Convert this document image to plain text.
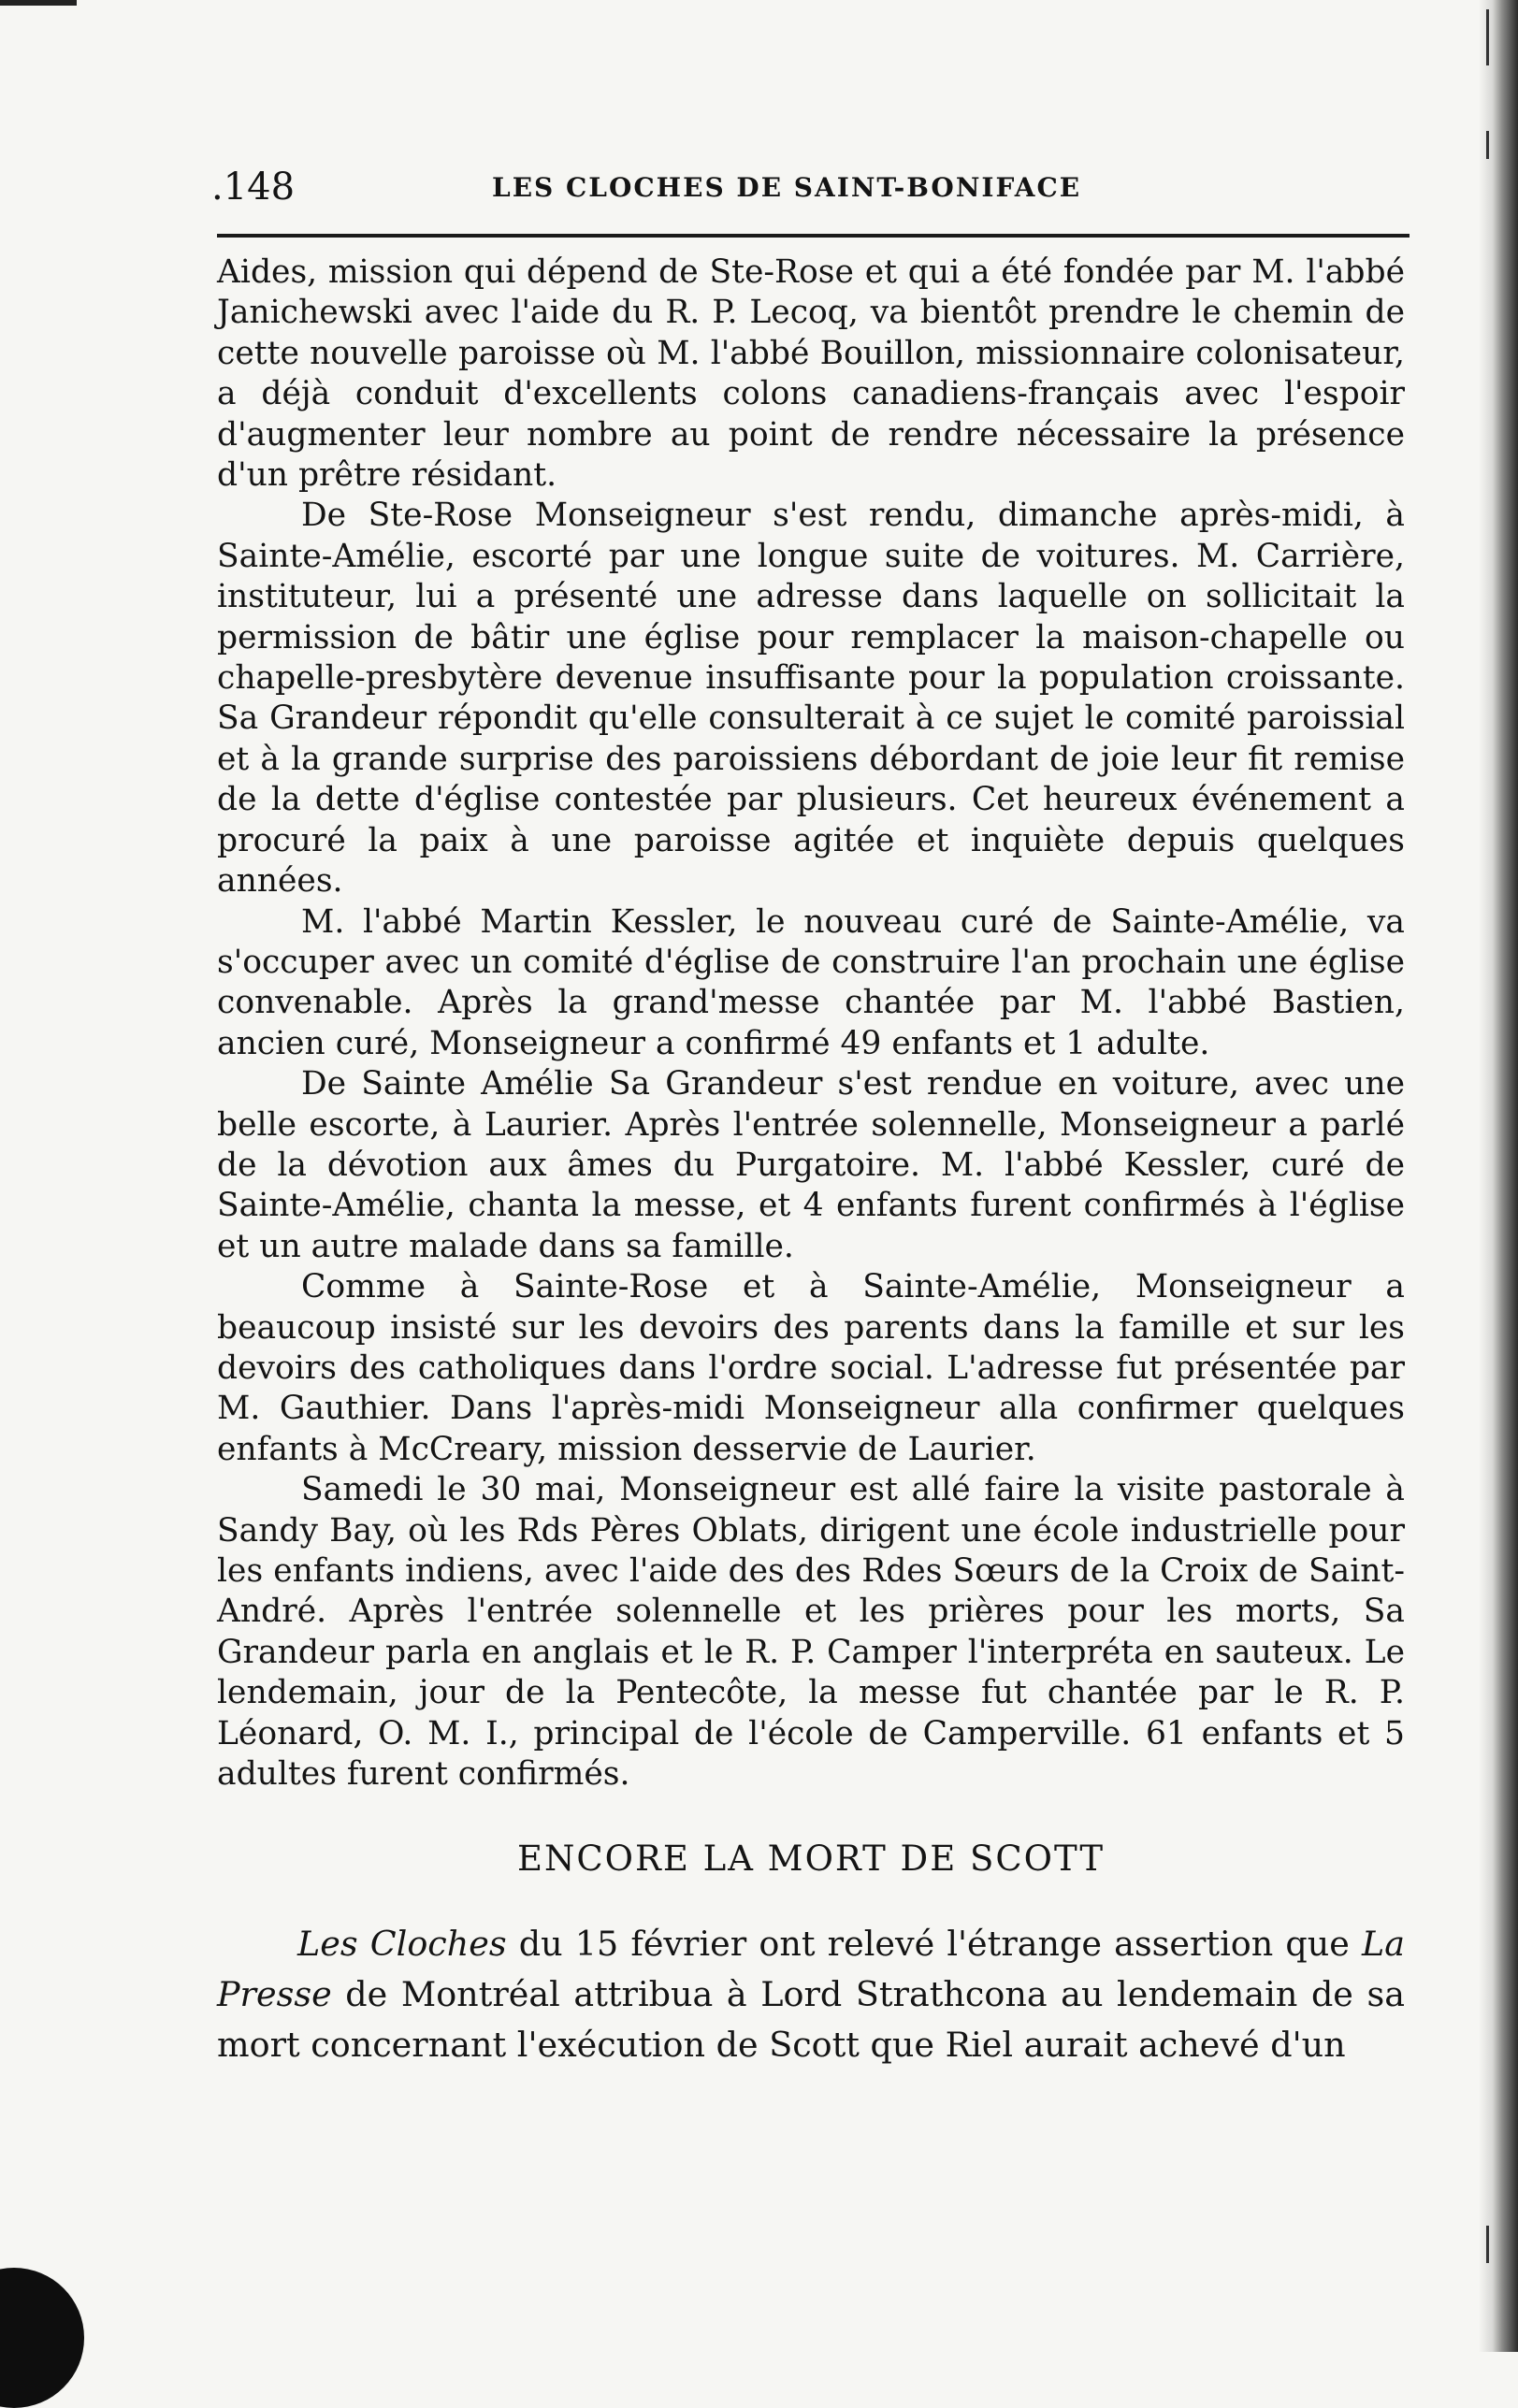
.148	LES CLOCHES DE SAINT-BONIFACE

Aides, mission qui dépend de Ste-Rose et qui a été fondée par M. l'abbé Janichewski avec l'aide du R. P. Lecoq, va bientôt prendre le chemin de cette nouvelle paroisse où M. l'abbé Bouillon, missionnaire colonisateur, a déjà conduit d'excellents colons canadiens-français avec l'espoir d'augmenter leur nombre au point de rendre nécessaire la présence d'un prêtre résidant.

De Ste-Rose Monseigneur s'est rendu, dimanche après-midi, à Sainte-Amélie, escorté par une longue suite de voitures. M. Carrière, instituteur, lui a présenté une adresse dans laquelle on sollicitait la permission de bâtir une église pour remplacer la maison-chapelle ou chapelle-presbytère devenue insuffisante pour la population croissante. Sa Grandeur répondit qu'elle consulterait à ce sujet le comité paroissial et à la grande surprise des paroissiens débordant de joie leur fit remise de la dette d'église contestée par plusieurs. Cet heureux événement a procuré la paix à une paroisse agitée et inquiète depuis quelques années.

M. l'abbé Martin Kessler, le nouveau curé de Sainte-Amélie, va s'occuper avec un comité d'église de construire l'an prochain une église convenable. Après la grand'messe chantée par M. l'abbé Bastien, ancien curé, Monseigneur a confirmé 49 enfants et 1 adulte.

De Sainte Amélie Sa Grandeur s'est rendue en voiture, avec une belle escorte, à Laurier. Après l'entrée solennelle, Monseigneur a parlé de la dévotion aux âmes du Purgatoire. M. l'abbé Kessler, curé de Sainte-Amélie, chanta la messe, et 4 enfants furent confirmés à l'église et un autre malade dans sa famille.

Comme à Sainte-Rose et à Sainte-Amélie, Monseigneur a beaucoup insisté sur les devoirs des parents dans la famille et sur les devoirs des catholiques dans l'ordre social. L'adresse fut présentée par M. Gauthier. Dans l'après-midi Monseigneur alla confirmer quelques enfants à McCreary, mission desservie de Laurier.

Samedi le 30 mai, Monseigneur est allé faire la visite pastorale à Sandy Bay, où les Rds Pères Oblats, dirigent une école industrielle pour les enfants indiens, avec l'aide des des Rdes Sœurs de la Croix de Saint-André. Après l'entrée solennelle et les prières pour les morts, Sa Grandeur parla en anglais et le R. P. Camper l'interpréta en sauteux. Le lendemain, jour de la Pentecôte, la messe fut chantée par le R. P. Léonard, O. M. I., principal de l'école de Camperville. 61 enfants et 5 adultes furent confirmés.

ENCORE LA MORT DE SCOTT

Les Cloches du 15 février ont relevé l'étrange assertion que La Presse de Montréal attribua à Lord Strathcona au lendemain de sa mort concernant l'exécution de Scott que Riel aurait achevé d'un
